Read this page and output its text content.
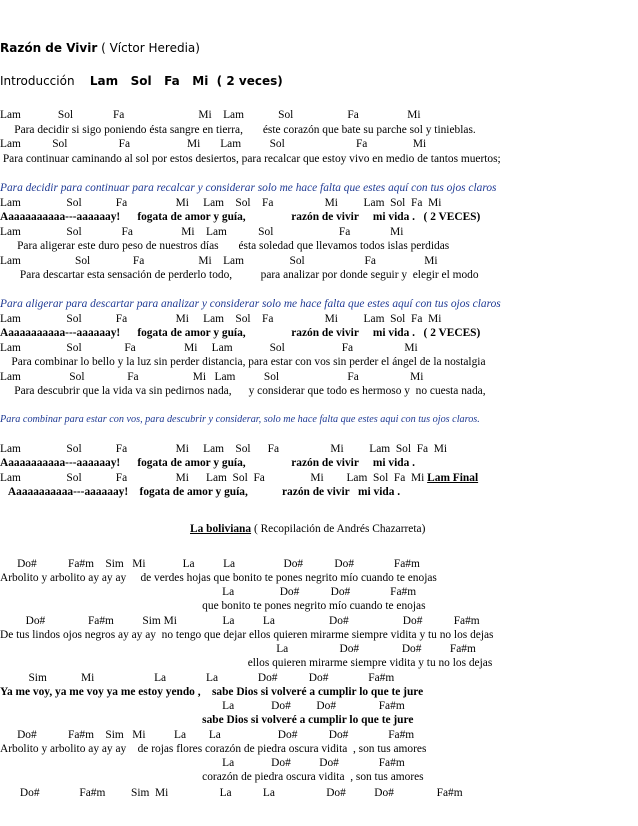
Razón de Vivir ( Víctor Heredia)
Introducción Lam   Sol   Fa   Mi  ( 2 veces)
Lam             Sol              Fa                          Mi    Lam            Sol                   Fa                 Mi
Para decidir si sigo poniendo ésta sangre en tierra,       éste corazón que bate su parche sol y tinieblas.
Lam           Sol                  Fa                    Mi       Lam          Sol                         Fa                Mi
Para continuar caminando al sol por estos desiertos, para recalcar que estoy vivo en medio de tantos muertos;
Para decidir para continuar para recalcar y considerar solo me hace falta que estes aquí con tus ojos claros
Lam                Sol            Fa                 Mi     Lam    Sol    Fa                  Mi         Lam  Sol  Fa  Mi
Aaaaaaaaaaa---aaaaaay!      fogata de amor y guía,                razón de vivir     mi vida .   ( 2 VECES)
Lam                Sol              Fa                 Mi    Lam           Sol                       Fa              Mi
Para aligerar este duro peso de nuestros días       ésta soledad que llevamos todos islas perdidas
Lam                   Sol               Fa                   Mi    Lam                Sol                     Fa                 Mi
Para descartar esta sensación de perderlo todo,          para analizar por donde seguir y  elegir el modo
Para aligerar para descartar para analizar y considerar solo me hace falta que estes aquí con tus ojos claros
Lam                Sol            Fa                 Mi     Lam    Sol    Fa                  Mi         Lam  Sol  Fa  Mi
Aaaaaaaaaaa---aaaaaay!      fogata de amor y guía,                razón de vivir     mi vida .   ( 2 VECES)
Lam                Sol               Fa                 Mi     Lam             Sol                    Fa                  Mi
Para combinar lo bello y la luz sin perder distancia, para estar con vos sin perder el ángel de la nostalgia
Lam                 Sol               Fa                   Mi   Lam          Sol                        Fa                  Mi
Para descubrir que la vida va sin pedirnos nada,      y considerar que todo es hermoso y  no cuesta nada,
Para combinar para estar con vos, para descubrir y considerar, solo me hace falta que estes aqui con tus ojos claros.
Lam                Sol            Fa                 Mi     Lam    Sol      Fa                  Mi         Lam  Sol  Fa  Mi
Aaaaaaaaaaa---aaaaaay!      fogata de amor y guía,                razón de vivir     mi vida .
Lam                Sol            Fa                 Mi      Lam  Sol  Fa                Mi        Lam  Sol  Fa  Mi Lam Final
Aaaaaaaaaaa---aaaaaay!    fogata de amor y guía,            razón de vivir   mi vida .
La boliviana ( Recopilación de Andrés Chazarreta)
Do#           Fa#m    Sim   Mi             La          La                 Do#           Do#              Fa#m
Arbolito y arbolito ay ay ay     de verdes hojas que bonito te pones negrito mío cuando te enojas
La                Do#           Do#              Fa#m
que bonito te pones negrito mío cuando te enojas
Do#               Fa#m          Sim Mi                La          La                   Do#                   Do#           Fa#m
De tus lindos ojos negros ay ay ay  no tengo que dejar ellos quieren mirarme siempre vidita y tu no los dejas
La                  Do#               Do#          Fa#m
ellos quieren mirarme siempre vidita y tu no los dejas
Sim            Mi                     La              La              Do#           Do#              Fa#m
Ya me voy, ya me voy ya me estoy yendo ,    sabe Dios si volveré a cumplir lo que te jure
La             Do#         Do#               Fa#m
sabe Dios si volveré a cumplir lo que te jure
Do#           Fa#m    Sim   Mi          La        La                    Do#           Do#              Fa#m
Arbolito y arbolito ay ay ay    de rojas flores corazón de piedra oscura vidita  , son tus amores
La             Do#          Do#              Fa#m
corazón de piedra oscura vidita  , son tus amores
Do#              Fa#m         Sim  Mi                  La           La                  Do#          Do#               Fa#m
